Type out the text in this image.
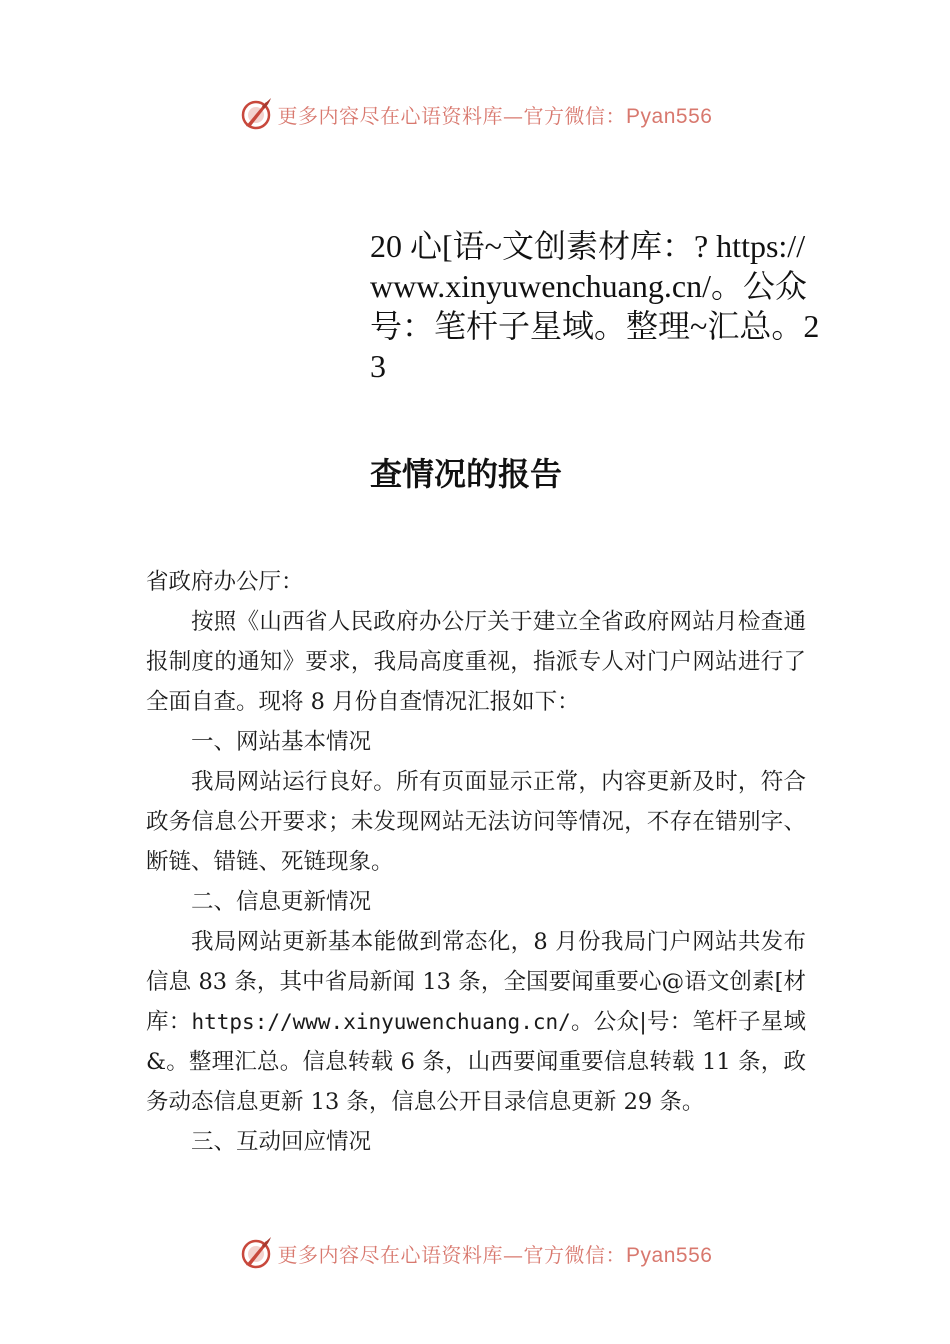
更多内容尽在心语资料库—官方微信：Pyan556
20 心[语~文创素材库：? https:// www.xinyuwenchuang.cn/。公众号：笔杆子星域。整理~汇总。23
查情况的报告

省政府办公厅：

按照《山西省人民政府办公厅关于建立全省政府网站月检查通报制度的通知》要求，我局高度重视，指派专人对门户网站进行了全面自查。现将 8 月份自查情况汇报如下：

一、网站基本情况

我局网站运行良好。所有页面显示正常，内容更新及时，符合政务信息公开要求；未发现网站无法访问等情况，不存在错别字、断链、错链、死链现象。

二、信息更新情况

我局网站更新基本能做到常态化，8 月份我局门户网站共发布信息 83 条，其中省局新闻 13 条，全国要闻重要心@语文创素[材库：https://www.xinyuwenchuang.cn/。公众|号：笔杆子星域&。整理汇总。信息转载 6 条，山西要闻重要信息转载 11 条，政务动态信息更新 13 条，信息公开目录信息更新 29 条。

三、互动回应情况

更多内容尽在心语资料库—官方微信：Pyan556
